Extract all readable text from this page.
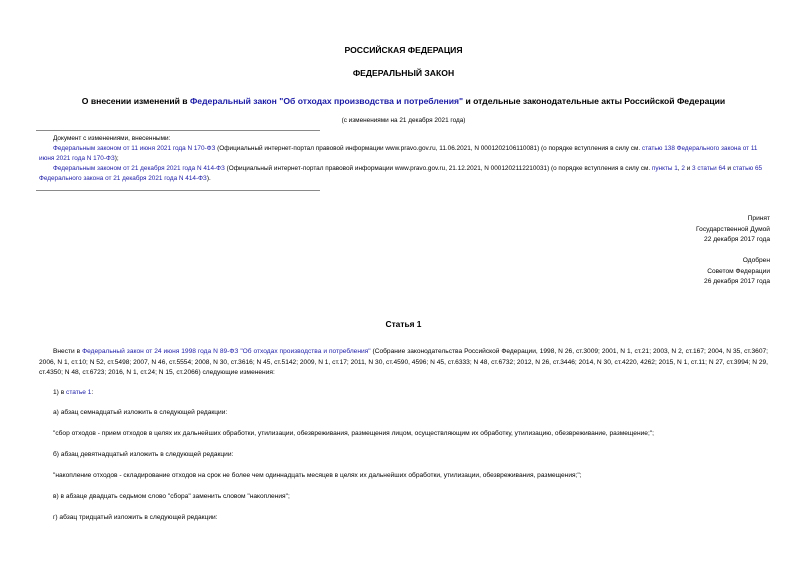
РОССИЙСКАЯ ФЕДЕРАЦИЯ
ФЕДЕРАЛЬНЫЙ ЗАКОН
О внесении изменений в Федеральный закон "Об отходах производства и потребления" и отдельные законодательные акты Российской Федерации
(с изменениями на 21 декабря 2021 года)

Документ с изменениями, внесенными:

Федеральным законом от 11 июня 2021 года N 170-ФЗ (Официальный интернет-портал правовой информации www.pravo.gov.ru, 11.06.2021, N 0001202106110081) (о порядке вступления в силу см. статью 138 Федерального закона от 11 июня 2021 года N 170-ФЗ);

Федеральным законом от 21 декабря 2021 года N 414-ФЗ (Официальный интернет-портал правовой информации www.pravo.gov.ru, 21.12.2021, N 0001202112210031) (о порядке вступления в силу см. пункты 1, 2 и 3 статьи 64 и статью 65 Федерального закона от 21 декабря 2021 года N 414-ФЗ).

Принят
Государственной Думой
22 декабря 2017 года
Одобрен
Советом Федерации
26 декабря 2017 года
Статья 1

Внести в Федеральный закон от 24 июня 1998 года N 89-ФЗ "Об отходах производства и потребления" (Собрание законодательства Российской Федерации, 1998, N 26, ст.3009; 2001, N 1, ст.21; 2003, N 2, ст.167; 2004, N 35, ст.3607; 2006, N 1, ст.10; N 52, ст.5498; 2007, N 46, ст.5554; 2008, N 30, ст.3616; N 45, ст.5142; 2009, N 1, ст.17; 2011, N 30, ст.4590, 4596; N 45, ст.6333; N 48, ст.6732; 2012, N 26, ст.3446; 2014, N 30, ст.4220, 4262; 2015, N 1, ст.11; N 27, ст.3994; N 29, ст.4350; N 48, ст.6723; 2016, N 1, ст.24; N 15, ст.2066) следующие изменения:

1) в статье 1:
а) абзац семнадцатый изложить в следующей редакции:
"сбор отходов - прием отходов в целях их дальнейших обработки, утилизации, обезвреживания, размещения лицом, осуществляющим их обработку, утилизацию, обезвреживание, размещение;";
б) абзац девятнадцатый изложить в следующей редакции:
"накопление отходов - складирование отходов на срок не более чем одиннадцать месяцев в целях их дальнейших обработки, утилизации, обезвреживания, размещения;";
в) в абзаце двадцать седьмом слово "сбора" заменить словом "накопления";
г) абзац тридцатый изложить в следующей редакции:
